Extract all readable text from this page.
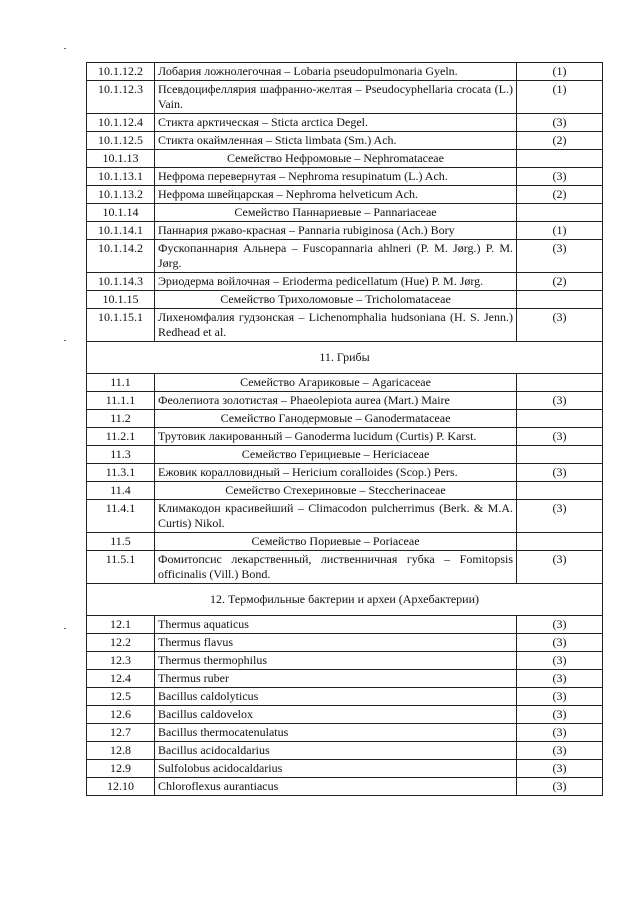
10.1.12.2	Лобария ложнолегочная – Lobaria pseudopulmonaria Gyeln.	(1)
10.1.12.3	Псевдоцифеллярия шафранно-желтая – Pseudocyphellaria crocata (L.) Vain.	(1)
10.1.12.4	Стикта арктическая – Sticta arctica Degel.	(3)
10.1.12.5	Стикта окаймленная – Sticta limbata (Sm.) Ach.	(2)
10.1.13	Семейство Нефромовые – Nephromataceae	
10.1.13.1	Нефрома перевернутая – Nephroma resupinatum (L.) Ach.	(3)
10.1.13.2	Нефрома швейцарская – Nephroma helveticum Ach.	(2)
10.1.14	Семейство Паннариевые – Pannariaceae	
10.1.14.1	Паннария ржаво-красная – Pannaria rubiginosa (Ach.) Bory	(1)
10.1.14.2	Фускопаннария Альнера – Fuscopannaria ahlneri (P. M. Jørg.) P. M. Jørg.	(3)
10.1.14.3	Эриодерма войлочная – Erioderma pedicellatum (Hue) P. M. Jørg.	(2)
10.1.15	Семейство Трихоломовые – Tricholomataceae	
10.1.15.1	Лихеномфалия гудзонская – Lichenomphalia hudsoniana (H. S. Jenn.) Redhead et al.	(3)
11. Грибы		
11.1	Семейство Агариковые – Agaricaceae	
11.1.1	Феолепиота золотистая – Phaeolepiota aurea (Mart.) Maire	(3)
11.2	Семейство Ганодермовые – Ganodermataceae	
11.2.1	Трутовик лакированный – Ganoderma lucidum (Curtis) P. Karst.	(3)
11.3	Семейство Герициевые – Hericiaceae	
11.3.1	Ежовик коралловидный – Hericium coralloides (Scop.) Pers.	(3)
11.4	Семейство Стехериновые – Steccherinaceae	
11.4.1	Климакодон красивейший – Climacodon pulcherrimus (Berk. & M.A. Curtis) Nikol.	(3)
11.5	Семейство Пориевые – Poriaceae	
11.5.1	Фомитопсис лекарственный, лиственничная губка – Fomitopsis officinalis (Vill.) Bond.	(3)
12. Термофильные бактерии и археи (Архебактерии)		
12.1	Thermus aquaticus	(3)
12.2	Thermus flavus	(3)
12.3	Thermus thermophilus	(3)
12.4	Thermus ruber	(3)
12.5	Bacillus caldolyticus	(3)
12.6	Bacillus caldovelox	(3)
12.7	Bacillus thermocatenulatus	(3)
12.8	Bacillus acidocaldarius	(3)
12.9	Sulfolobus acidocaldarius	(3)
12.10	Chloroflexus aurantiacus	(3)
